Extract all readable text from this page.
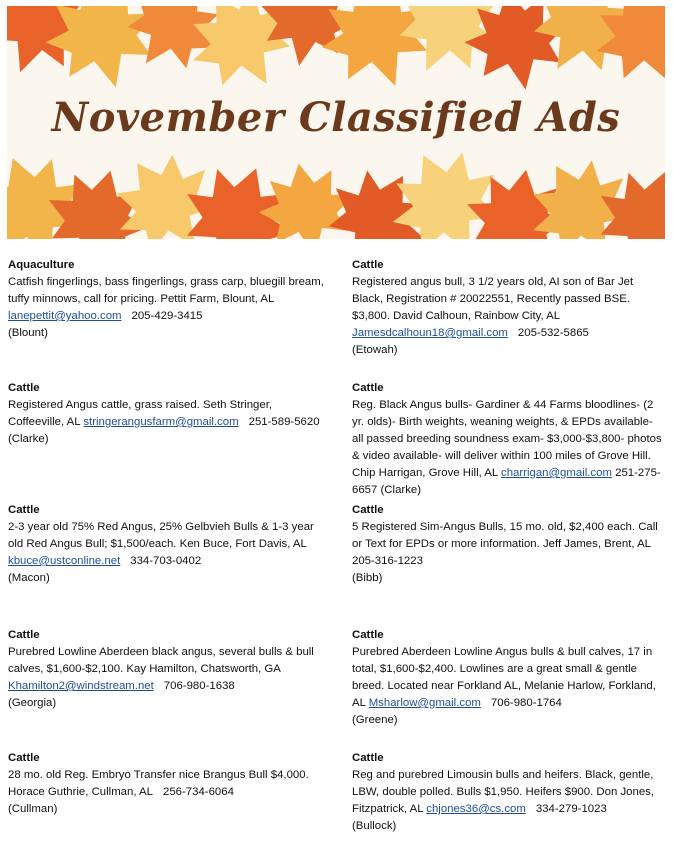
November Classified Ads
Aquaculture
Catfish fingerlings, bass fingerlings, grass carp, bluegill bream, tuffy minnows, call for pricing. Pettit Farm, Blount, AL
lanepettit@yahoo.com 205-429-3415
(Blount)
Cattle
Registered angus bull, 3 1/2 years old, AI son of Bar Jet Black, Registration # 20022551, Recently passed BSE. $3,800. David Calhoun, Rainbow City, AL
Jamesdcalhoun18@gmail.com 205-532-5865
(Etowah)
Cattle
Registered Angus cattle, grass raised. Seth Stringer, Coffeeville, AL stringerangusfarm@gmail.com 251-589-5620
(Clarke)
Cattle
Reg. Black Angus bulls- Gardiner & 44 Farms bloodlines- (2 yr. olds)- Birth weights, weaning weights, & EPDs available- all passed breeding soundness exam- $3,000-$3,800- photos & video available- will deliver within 100 miles of Grove Hill. Chip Harrigan, Grove Hill, AL charrigan@gmail.com 251-275-6657 (Clarke)
Cattle
2-3 year old 75% Red Angus, 25% Gelbvieh Bulls & 1-3 year old Red Angus Bull; $1,500/each. Ken Buce, Fort Davis, AL
kbuce@ustconline.net 334-703-0402
(Macon)
Cattle
5 Registered Sim-Angus Bulls, 15 mo. old, $2,400 each. Call or Text for EPDs or more information. Jeff James, Brent, AL
205-316-1223
(Bibb)
Cattle
Purebred Lowline Aberdeen black angus, several bulls & bull calves, $1,600-$2,100. Kay Hamilton, Chatsworth, GA
Khamilton2@windstream.net 706-980-1638
(Georgia)
Cattle
Purebred Aberdeen Lowline Angus bulls & bull calves, 17 in total, $1,600-$2,400. Lowlines are a great small & gentle breed. Located near Forkland AL, Melanie Harlow, Forkland, AL Msharlow@gmail.com 706-980-1764
(Greene)
Cattle
28 mo. old Reg. Embryo Transfer nice Brangus Bull $4,000. Horace Guthrie, Cullman, AL 256-734-6064
(Cullman)
Cattle
Reg and purebred Limousin bulls and heifers. Black, gentle, LBW, double polled. Bulls $1,950. Heifers $900. Don Jones, Fitzpatrick, AL chjones36@cs.com 334-279-1023
(Bullock)
